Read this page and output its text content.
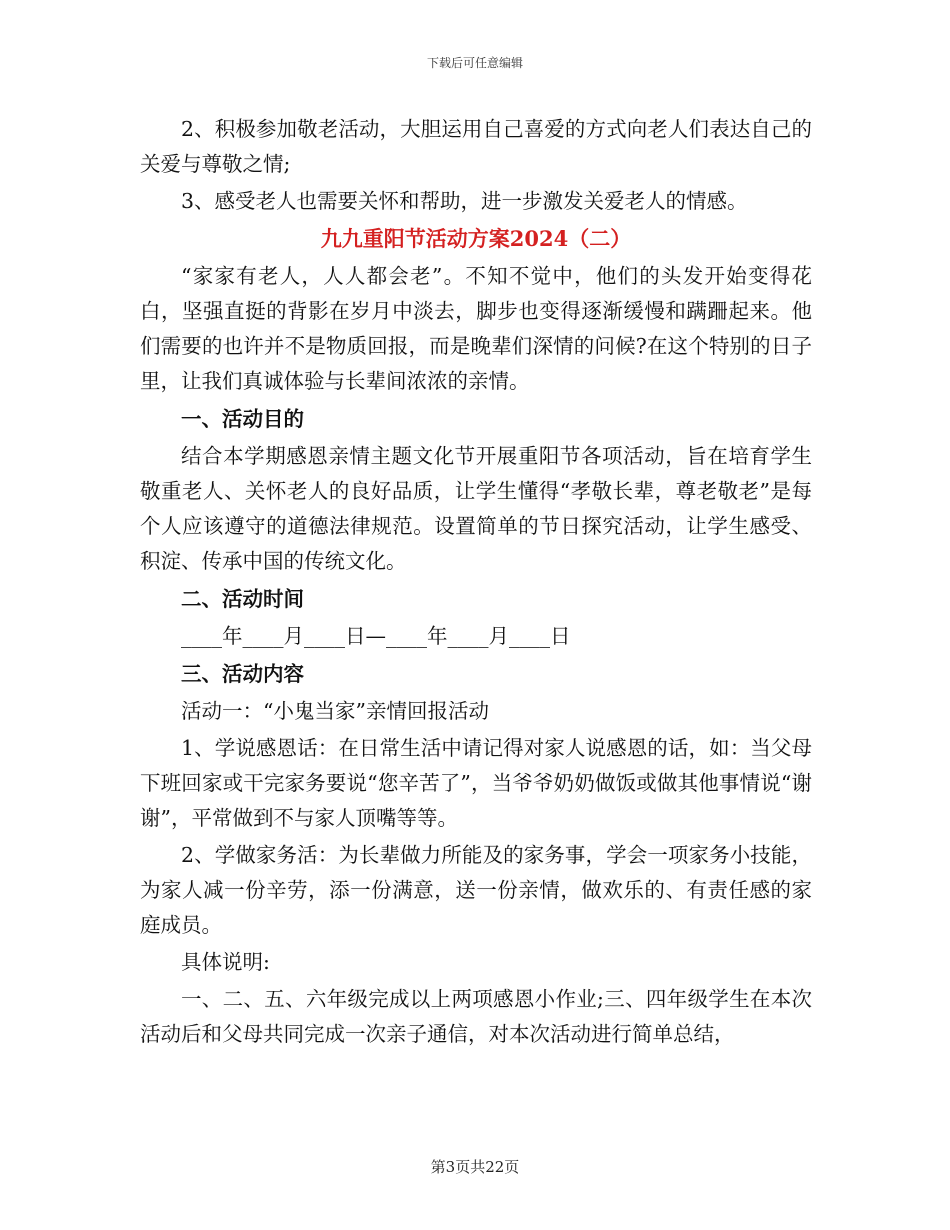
下载后可任意编辑

2、积极参加敬老活动，大胆运用自己喜爱的方式向老人们表达自己的关爱与尊敬之情;

3、感受老人也需要关怀和帮助，进一步激发关爱老人的情感。

九九重阳节活动方案2024（二）

“家家有老人，人人都会老”。不知不觉中，他们的头发开始变得花白，坚强直挺的背影在岁月中淡去，脚步也变得逐渐缓慢和蹒跚起来。他们需要的也许并不是物质回报，而是晚辈们深情的问候?在这个特别的日子里，让我们真诚体验与长辈间浓浓的亲情。

一、活动目的

结合本学期感恩亲情主题文化节开展重阳节各项活动，旨在培育学生敬重老人、关怀老人的良好品质，让学生懂得“孝敬长辈，尊老敬老”是每个人应该遵守的道德法律规范。设置简单的节日探究活动，让学生感受、积淀、传承中国的传统文化。

二、活动时间

____年____月____日—____年____月____日

三、活动内容

活动一：“小鬼当家”亲情回报活动

1、学说感恩话：在日常生活中请记得对家人说感恩的话，如：当父母下班回家或干完家务要说“您辛苦了”，当爷爷奶奶做饭或做其他事情说“谢谢”，平常做到不与家人顶嘴等等。

2、学做家务活：为长辈做力所能及的家务事，学会一项家务小技能，为家人减一份辛劳，添一份满意，送一份亲情，做欢乐的、有责任感的家庭成员。

具体说明:

一、二、五、六年级完成以上两项感恩小作业;三、四年级学生在本次活动后和父母共同完成一次亲子通信，对本次活动进行简单总结，

第3页共22页
